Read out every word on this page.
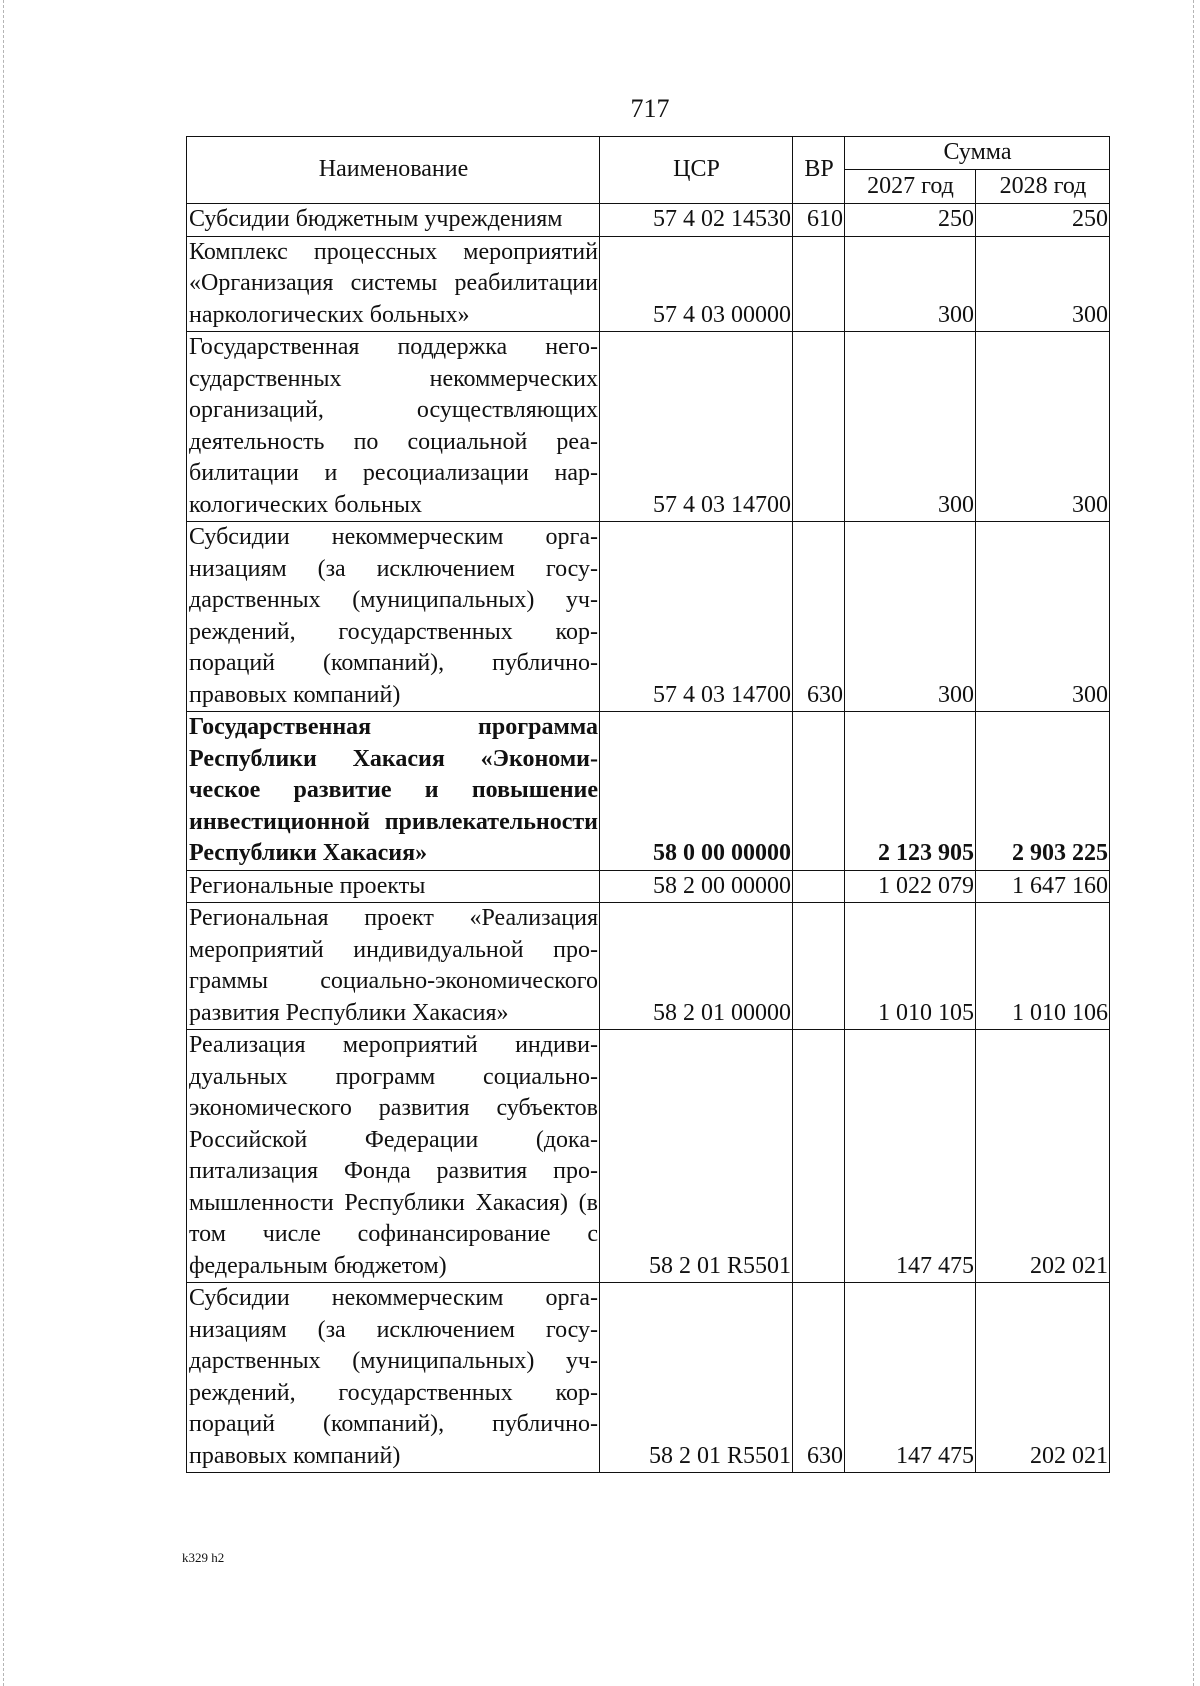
717
Наименование	ЦСР	ВР	Сумма	
			2027 год	2028 год
Субсидии бюджетным учреждениям	57 4 02 14530	610	250	250
Комплекс процессных мероприятий «Организация системы реабилитации наркологических больных»	57 4 03 00000		300	300
Государственная поддержка негосударственных некоммерческих организаций, осуществляющих деятельность по социальной реабилитации и ресоциализации наркологических больных	57 4 03 14700		300	300
Субсидии некоммерческим организациям (за исключением государственных (муниципальных) учреждений, государственных корпораций (компаний), публично-правовых компаний)	57 4 03 14700	630	300	300
Государственная программа Республики Хакасия «Экономическое развитие и повышение инвестиционной привлекательности Республики Хакасия»	58 0 00 00000		2 123 905	2 903 225
Региональные проекты	58 2 00 00000		1 022 079	1 647 160
Региональная проект «Реализация мероприятий индивидуальной программы социально-экономического развития Республики Хакасия»	58 2 01 00000		1 010 105	1 010 106
Реализация мероприятий индивидуальных программ социально-экономического развития субъектов Российской Федерации (докапитализация Фонда развития промышленности Республики Хакасия) (в том числе софинансирование с федеральным бюджетом)	58 2 01 R5501		147 475	202 021
Субсидии некоммерческим организациям (за исключением государственных (муниципальных) учреждений, государственных корпораций (компаний), публично-правовых компаний)	58 2 01 R5501	630	147 475	202 021
k329 h2
